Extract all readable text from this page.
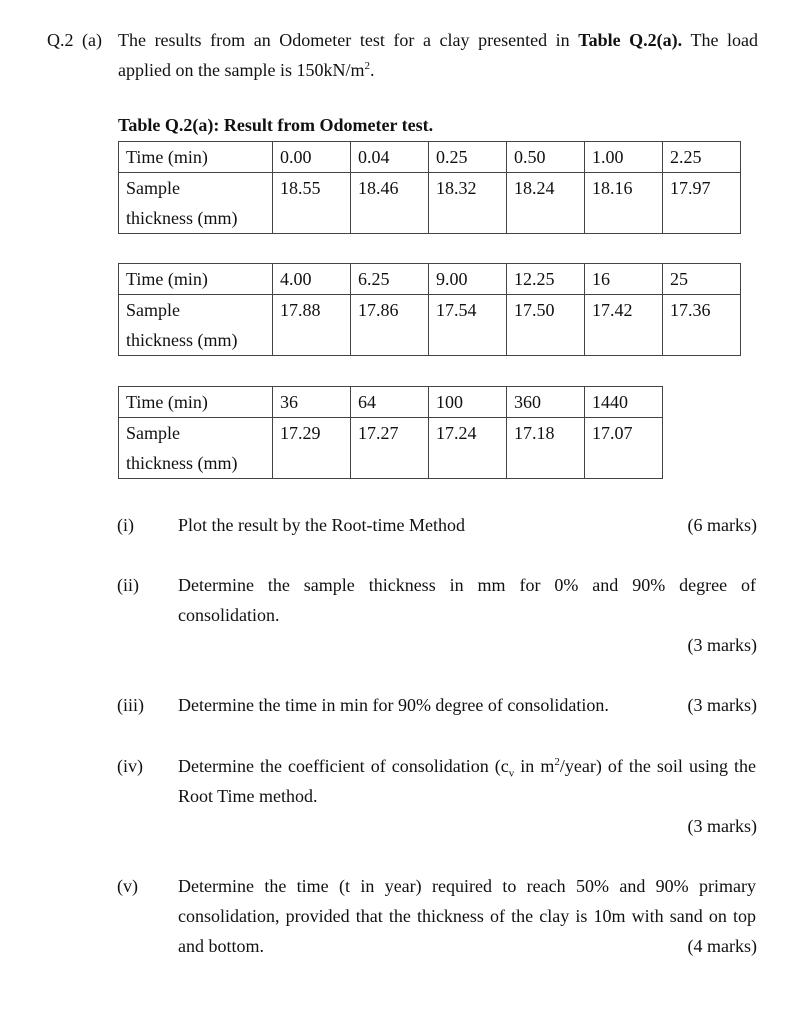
Q.2 (a) The results from an Odometer test for a clay presented in Table Q.2(a). The load applied on the sample is $150kN/m^2$.
Table Q.2(a): Result from Odometer test.
Time (min)	0.00	0.04	0.25	0.50	1.00	2.25
Sample
thickness (mm)	18.55	18.46	18.32	18.24	18.16	17.97
Time (min)	4.00	6.25	9.00	12.25	16	25
Sample
thickness (mm)	17.88	17.86	17.54	17.50	17.42	17.36
Time (min)	36	64	100	360	1440
Sample
thickness (mm)	17.29	17.27	17.24	17.18	17.07
(i) Plot the result by the Root-time Method	(6 marks)
(ii) Determine the sample thickness in mm for 0% and 90% degree of consolidation.
(3 marks)
(iii) Determine the time in min for 90% degree of consolidation.	(3 marks)
(iv) Determine the coefficient of consolidation ($c_v$ in $m^2/year$) of the soil using the Root Time method.
(3 marks)
(v) Determine the time (t in year) required to reach 50% and 90% primary consolidation, provided that the thickness of the clay is 10m with sand on top and bottom.	(4 marks)
